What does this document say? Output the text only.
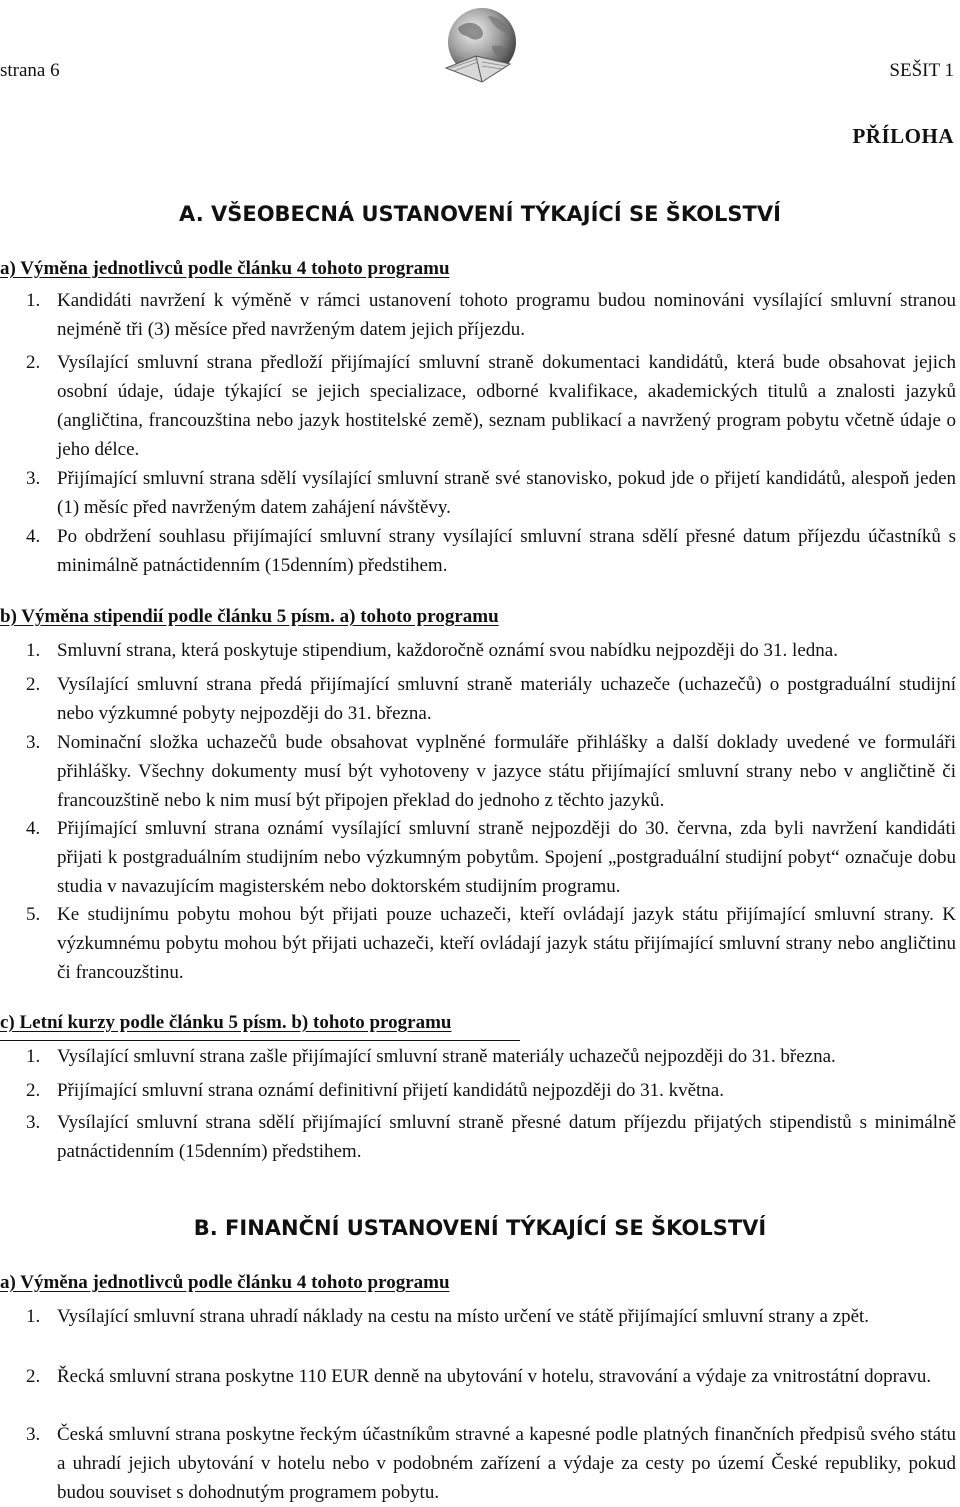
strana 6	SEŠIT 1
PŘÍLOHA
A. VŠEOBECNÁ USTANOVENÍ TÝKAJÍCÍ SE ŠKOLSTVÍ
a) Výměna jednotlivců podle článku 4 tohoto programu
1. Kandidáti navržení k výměně v rámci ustanovení tohoto programu budou nominováni vysílající smluvní stranou nejméně tři (3) měsíce před navrženým datem jejich příjezdu.
2. Vysílající smluvní strana předloží přijímající smluvní straně dokumentaci kandidátů, která bude obsahovat jejich osobní údaje, údaje týkající se jejich specializace, odborné kvalifikace, akademických titulů a znalosti jazyků (angličtina, francouzština nebo jazyk hostitelské země), seznam publikací a navržený program pobytu včetně údaje o jeho délce.
3. Přijímající smluvní strana sdělí vysílající smluvní straně své stanovisko, pokud jde o přijetí kandidátů, alespoň jeden (1) měsíc před navrženým datem zahájení návštěvy.
4. Po obdržení souhlasu přijímající smluvní strany vysílající smluvní strana sdělí přesné datum příjezdu účastníků s minimálně patnáctidenním (15denním) předstihem.
b) Výměna stipendií podle článku 5 písm. a) tohoto programu
1. Smluvní strana, která poskytuje stipendium, každoročně oznámí svou nabídku nejpozději do 31. ledna.
2. Vysílající smluvní strana předá přijímající smluvní straně materiály uchazeče (uchazečů) o postgraduální studijní nebo výzkumné pobyty nejpozději do 31. března.
3. Nominační složka uchazečů bude obsahovat vyplněné formuláře přihlášky a další doklady uvedené ve formuláři přihlášky. Všechny dokumenty musí být vyhotoveny v jazyce státu přijímající smluvní strany nebo v angličtině či francouzštině nebo k nim musí být připojen překlad do jednoho z těchto jazyků.
4. Přijímající smluvní strana oznámí vysílající smluvní straně nejpozději do 30. června, zda byli navržení kandidáti přijati k postgraduálním studijním nebo výzkumným pobytům. Spojení „postgraduální studijní pobyt“ označuje dobu studia v navazujícím magisterském nebo doktorském studijním programu.
5. Ke studijnímu pobytu mohou být přijati pouze uchazeči, kteří ovládají jazyk státu přijímající smluvní strany. K výzkumnému pobytu mohou být přijati uchazeči, kteří ovládají jazyk státu přijímající smluvní strany nebo angličtinu či francouzštinu.
c) Letní kurzy podle článku 5 písm. b) tohoto programu
1. Vysílající smluvní strana zašle přijímající smluvní straně materiály uchazečů nejpozději do 31. března.
2. Přijímající smluvní strana oznámí definitivní přijetí kandidátů nejpozději do 31. května.
3. Vysílající smluvní strana sdělí přijímající smluvní straně přesné datum příjezdu přijatých stipendistů s minimálně patnáctidenním (15denním) předstihem.
B. FINANČNÍ USTANOVENÍ TÝKAJÍCÍ SE ŠKOLSTVÍ
a) Výměna jednotlivců podle článku 4 tohoto programu
1. Vysílající smluvní strana uhradí náklady na cestu na místo určení ve státě přijímající smluvní strany a zpět.
2. Řecká smluvní strana poskytne 110 EUR denně na ubytování v hotelu, stravování a výdaje za vnitrostátní dopravu.
3. Česká smluvní strana poskytne řeckým účastníkům stravné a kapesné podle platných finančních předpisů svého státu a uhradí jejich ubytování v hotelu nebo v podobném zařízení a výdaje za cesty po území České republiky, pokud budou souviset s dohodnutým programem pobytu.
